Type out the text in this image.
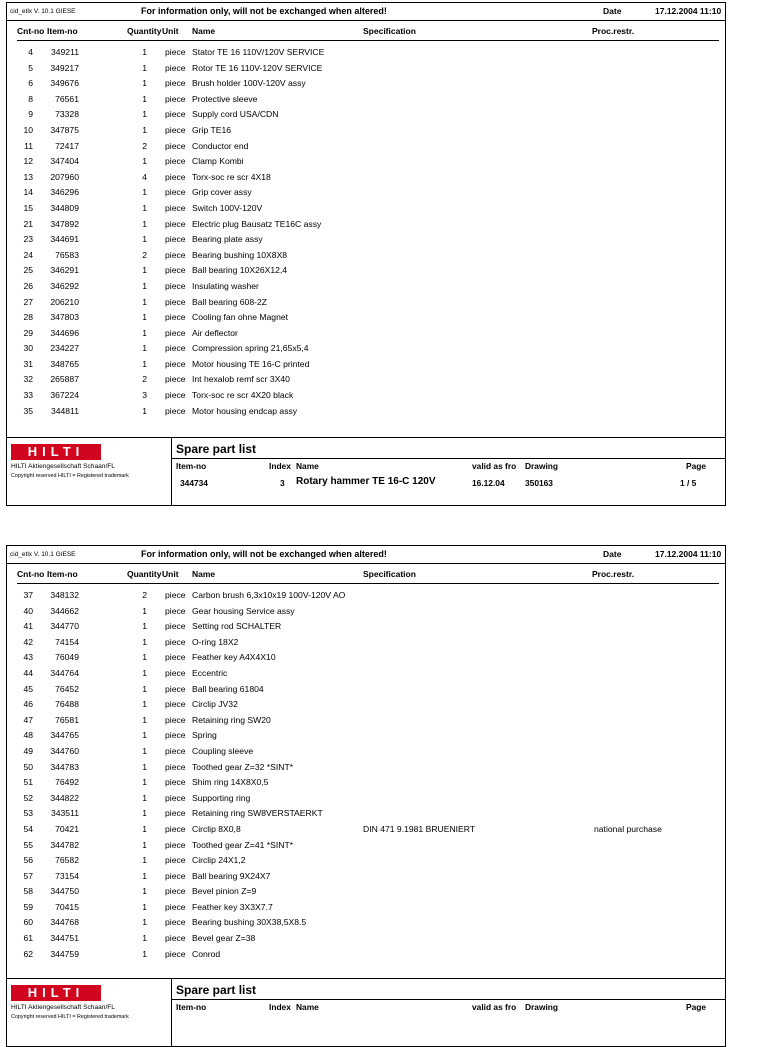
cid_etlx V. 10.1 GIESE	For information only, will not be exchanged when altered!	Date	17.12.2004 11:10
Cnt-no Item-no	Quantity Unit Name	Specification	Proc.restr.
4	349211	1 piece Stator TE 16 110V/120V SERVICE
5	349217	1 piece Rotor TE 16 110V-120V SERVICE
6	349676	1 piece Brush holder 100V-120V assy
8	76561	1 piece Protective sleeve
9	73328	1 piece Supply cord USA/CDN
10	347875	1 piece Grip TE16
11	72417	2 piece Conductor end
12	347404	1 piece Clamp Kombi
13	207960	4 piece Torx-soc re scr 4X18
14	346296	1 piece Grip cover assy
15	344809	1 piece Switch 100V-120V
21	347892	1 piece Electric plug Bausatz TE16C assy
23	344691	1 piece Bearing plate assy
24	76583	2 piece Bearing bushing 10X8X8
25	346291	1 piece Ball bearing 10X26X12,4
26	346292	1 piece Insulating washer
27	206210	1 piece Ball bearing 608-2Z
28	347803	1 piece Cooling fan ohne Magnet
29	344696	1 piece Air deflector
30	234227	1 piece Compression spring 21,65x5,4
31	348765	1 piece Motor housing TE 16-C printed
32	265887	2 piece Int hexalob remf scr 3X40
33	367224	3 piece Torx-soc re scr 4X20 black
35	344811	1 piece Motor housing endcap assy
HILTI
HILTI Aktiengesellschaft Schaan/FL
Copyright reserved HILTI = Registered trademark
Spare part list
Item-no	Index Name	valid as fro Drawing	Page
344734	3 Rotary hammer TE 16-C 120V	16.12.04 350163	1 / 5
cid_etlx V. 10.1 GIESE	For information only, will not be exchanged when altered!	Date	17.12.2004 11:10
Cnt-no Item-no	Quantity Unit Name	Specification	Proc.restr.
37	348132	2 piece Carbon brush 6,3x10x19 100V-120V AO
40	344662	1 piece Gear housing Service assy
41	344770	1 piece Setting rod SCHALTER
42	74154	1 piece O-ring 18X2
43	76049	1 piece Feather key A4X4X10
44	344764	1 piece Eccentric
45	76452	1 piece Ball bearing 61804
46	76488	1 piece Circlip JV32
47	76581	1 piece Retaining ring SW20
48	344765	1 piece Spring
49	344760	1 piece Coupling sleeve
50	344783	1 piece Toothed gear Z=32 *SINT*
51	76492	1 piece Shim ring 14X8X0,5
52	344822	1 piece Supporting ring
53	343511	1 piece Retaining ring SW8VERSTAERKT
54	70421	1 piece Circlip 8X0,8	DIN 471 9.1981 BRUENIERT	national purchase
55	344782	1 piece Toothed gear Z=41 *SINT*
56	76582	1 piece Circlip 24X1,2
57	73154	1 piece Ball bearing 9X24X7
58	344750	1 piece Bevel pinion Z=9
59	70415	1 piece Feather key 3X3X7.7
60	344768	1 piece Bearing bushing 30X38,5X8.5
61	344751	1 piece Bevel gear Z=38
62	344759	1 piece Conrod
HILTI
HILTI Aktiengesellschaft Schaan/FL
Copyright reserved HILTI = Registered trademark
Spare part list
Item-no	Index Name	valid as fro Drawing	Page
